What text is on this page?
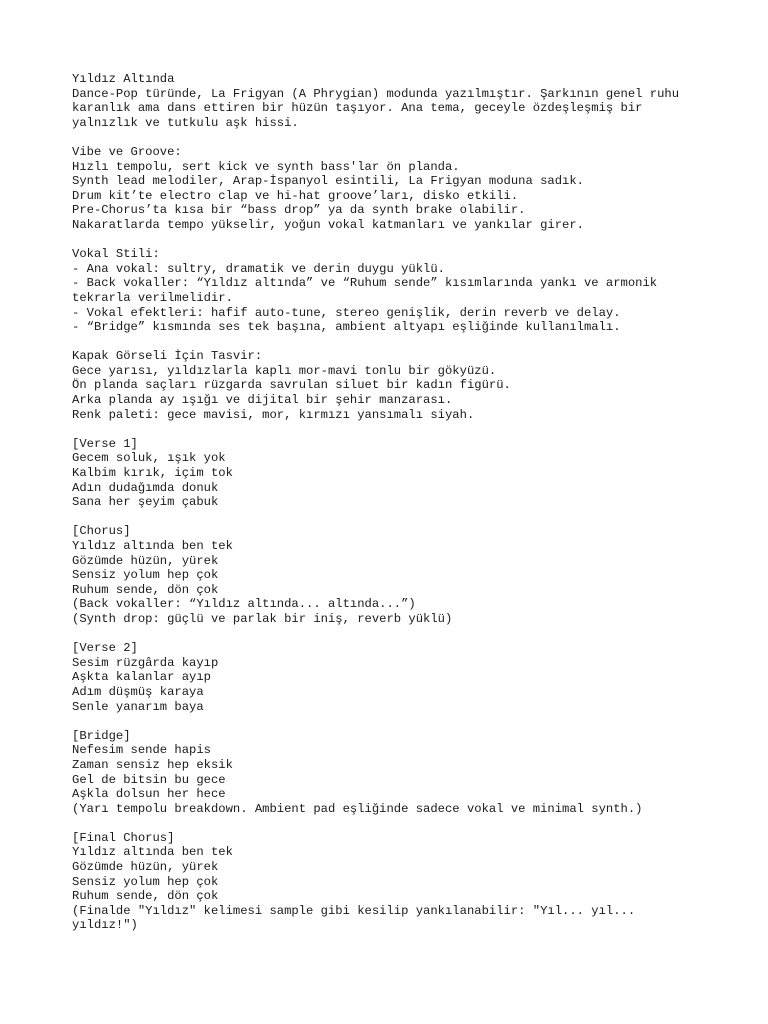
Yıldız Altında
Dance-Pop türünde, La Frigyan (A Phrygian) modunda yazılmıştır. Şarkının genel ruhu
karanlık ama dans ettiren bir hüzün taşıyor. Ana tema, geceyle özdeşleşmiş bir
yalnızlık ve tutkulu aşk hissi.
Vibe ve Groove:
Hızlı tempolu, sert kick ve synth bass'lar ön planda.
Synth lead melodiler, Arap-İspanyol esintili, La Frigyan moduna sadık.
Drum kit’te electro clap ve hi-hat groove’ları, disko etkili.
Pre-Chorus’ta kısa bir “bass drop” ya da synth brake olabilir.
Nakaratlarda tempo yükselir, yoğun vokal katmanları ve yankılar girer.
Vokal Stili:
- Ana vokal: sultry, dramatik ve derin duygu yüklü.
- Back vokaller: “Yıldız altında” ve “Ruhum sende” kısımlarında yankı ve armonik
tekrarla verilmelidir.
- Vokal efektleri: hafif auto-tune, stereo genişlik, derin reverb ve delay.
- “Bridge” kısmında ses tek başına, ambient altyapı eşliğinde kullanılmalı.
Kapak Görseli İçin Tasvir:
Gece yarısı, yıldızlarla kaplı mor-mavi tonlu bir gökyüzü.
Ön planda saçları rüzgarda savrulan siluet bir kadın figürü.
Arka planda ay ışığı ve dijital bir şehir manzarası.
Renk paleti: gece mavisi, mor, kırmızı yansımalı siyah.
[Verse 1]
Gecem soluk, ışık yok
Kalbim kırık, içim tok
Adın dudağımda donuk
Sana her şeyim çabuk
[Chorus]
Yıldız altında ben tek
Gözümde hüzün, yürek
Sensiz yolum hep çok
Ruhum sende, dön çok
(Back vokaller: “Yıldız altında... altında...”)
(Synth drop: güçlü ve parlak bir iniş, reverb yüklü)
[Verse 2]
Sesim rüzgârda kayıp
Aşkta kalanlar ayıp
Adım düşmüş karaya
Senle yanarım baya
[Bridge]
Nefesim sende hapis
Zaman sensiz hep eksik
Gel de bitsin bu gece
Aşkla dolsun her hece
(Yarı tempolu breakdown. Ambient pad eşliğinde sadece vokal ve minimal synth.)
[Final Chorus]
Yıldız altında ben tek
Gözümde hüzün, yürek
Sensiz yolum hep çok
Ruhum sende, dön çok
(Finalde "Yıldız" kelimesi sample gibi kesilip yankılanabilir: "Yıl... yıl...
yıldız!")
